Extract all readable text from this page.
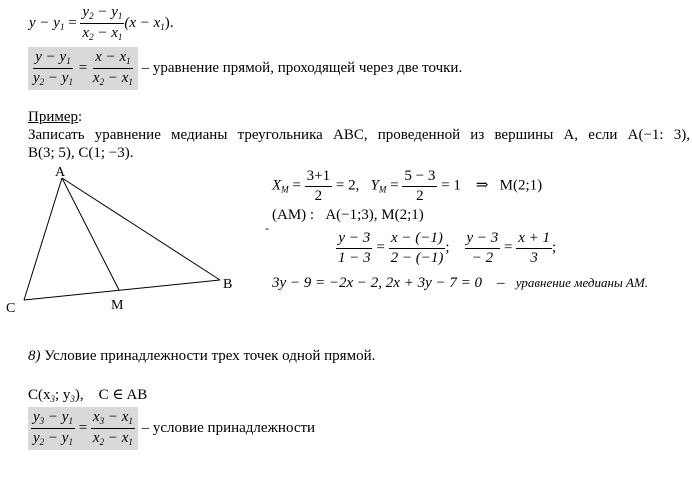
$y - y_1 = \frac{y_2 - y_1}{x_2 - x_1} (x - x_1)$.
$\frac{y - y_1}{y_2 - y_1} = \frac{x - x_1}{x_2 - x_1}$ – уравнение прямой, проходящей через две точки.
Пример:
Записать уравнение медианы треугольника ABC, проведенной из вершины A, если A(−1: 3),
B(3; 5), C(1; −3).
A
B
C	M
$X_M = \frac{3+1}{2} = 2$, $Y_M = \frac{5 - 3}{2} = 1$ ⇒ M(2;1)
(AM) : A(−1;3), M(2;1)
-
$\frac{y - 3}{1 - 3} = \frac{x - (-1)}{2 - (-1)}$ ; $\frac{y - 3}{- 2} = \frac{x + 1}{3}$ ;
3y − 9 = −2x − 2, 2x + 3y − 7 = 0 – уравнение медианы AM.
8) Условие принадлежности трех точек одной прямой.
$C(x_3$; $y_3$), C ∈ AB
$\frac{y_3 - y_1}{y_2 - y_1} = \frac{x_3 - x_1}{x_2 - x_1}$ – условие принадлежности
